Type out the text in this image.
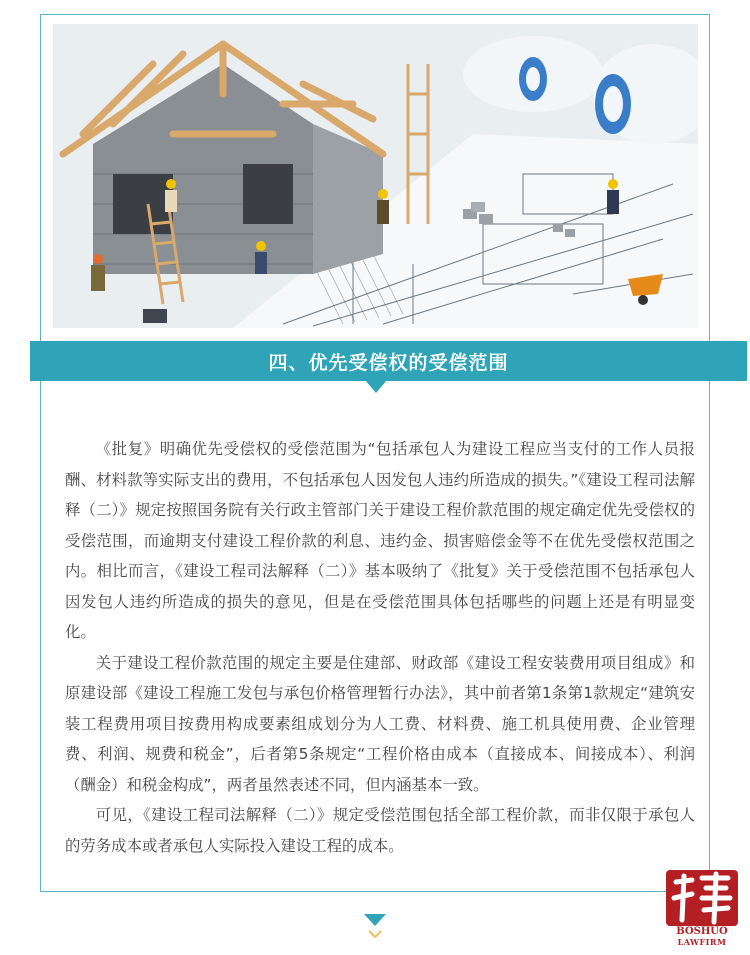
四、优先受偿权的受偿范围

《批复》明确优先受偿权的受偿范围为“包括承包人为建设工程应当支付的工作人员报酬、材料款等实际支出的费用，不包括承包人因发包人违约所造成的损失。”《建设工程司法解释（二）》规定按照国务院有关行政主管部门关于建设工程价款范围的规定确定优先受偿权的受偿范围，而逾期支付建设工程价款的利息、违约金、损害赔偿金等不在优先受偿权范围之内。相比而言，《建设工程司法解释（二）》基本吸纳了《批复》关于受偿范围不包括承包人因发包人违约所造成的损失的意见，但是在受偿范围具体包括哪些的问题上还是有明显变化。

关于建设工程价款范围的规定主要是住建部、财政部《建设工程安装费用项目组成》和原建设部《建设工程施工发包与承包价格管理暂行办法》，其中前者第1条第1款规定“建筑安装工程费用项目按费用构成要素组成划分为人工费、材料费、施工机具使用费、企业管理费、利润、规费和税金”，后者第5条规定“工程价格由成本（直接成本、间接成本）、利润（酬金）和税金构成”，两者虽然表述不同，但内涵基本一致。

可见，《建设工程司法解释（二）》规定受偿范围包括全部工程价款，而非仅限于承包人的劳务成本或者承包人实际投入建设工程的成本。

BOSHUO
LAWFIRM
